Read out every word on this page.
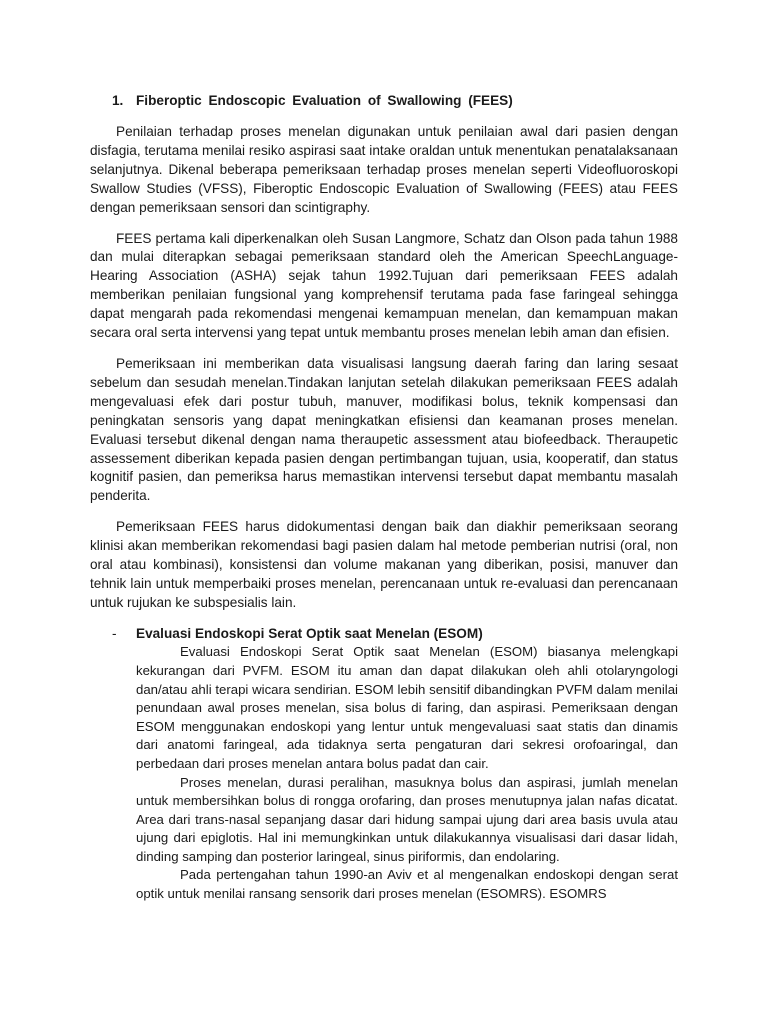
1. Fiberoptic Endoscopic Evaluation of Swallowing (FEES)

Penilaian terhadap proses menelan digunakan untuk penilaian awal dari pasien dengan disfagia, terutama menilai resiko aspirasi saat intake oraldan untuk menentukan penatalaksanaan selanjutnya. Dikenal beberapa pemeriksaan terhadap proses menelan seperti Videofluoroskopi Swallow Studies (VFSS), Fiberoptic Endoscopic Evaluation of Swallowing (FEES) atau FEES dengan pemeriksaan sensori dan scintigraphy.

FEES pertama kali diperkenalkan oleh Susan Langmore, Schatz dan Olson pada tahun 1988 dan mulai diterapkan sebagai pemeriksaan standard oleh the American SpeechLanguage-Hearing Association (ASHA) sejak tahun 1992.Tujuan dari pemeriksaan FEES adalah memberikan penilaian fungsional yang komprehensif terutama pada fase faringeal sehingga dapat mengarah pada rekomendasi mengenai kemampuan menelan, dan kemampuan makan secara oral serta intervensi yang tepat untuk membantu proses menelan lebih aman dan efisien.

Pemeriksaan ini memberikan data visualisasi langsung daerah faring dan laring sesaat sebelum dan sesudah menelan.Tindakan lanjutan setelah dilakukan pemeriksaan FEES adalah mengevaluasi efek dari postur tubuh, manuver, modifikasi bolus, teknik kompensasi dan peningkatan sensoris yang dapat meningkatkan efisiensi dan keamanan proses menelan. Evaluasi tersebut dikenal dengan nama theraupetic assessment atau biofeedback. Theraupetic assessement diberikan kepada pasien dengan pertimbangan tujuan, usia, kooperatif, dan status kognitif pasien, dan pemeriksa harus memastikan intervensi tersebut dapat membantu masalah penderita.

Pemeriksaan FEES harus didokumentasi dengan baik dan diakhir pemeriksaan seorang klinisi akan memberikan rekomendasi bagi pasien dalam hal metode pemberian nutrisi (oral, non oral atau kombinasi), konsistensi dan volume makanan yang diberikan, posisi, manuver dan tehnik lain untuk memperbaiki proses menelan, perencanaan untuk re-evaluasi dan perencanaan untuk rujukan ke subspesialis lain.

- Evaluasi Endoskopi Serat Optik saat Menelan (ESOM)

Evaluasi Endoskopi Serat Optik saat Menelan (ESOM) biasanya melengkapi kekurangan dari PVFM. ESOM itu aman dan dapat dilakukan oleh ahli otolaryngologi dan/atau ahli terapi wicara sendirian. ESOM lebih sensitif dibandingkan PVFM dalam menilai penundaan awal proses menelan, sisa bolus di faring, dan aspirasi. Pemeriksaan dengan ESOM menggunakan endoskopi yang lentur untuk mengevaluasi saat statis dan dinamis dari anatomi faringeal, ada tidaknya serta pengaturan dari sekresi orofoaringal, dan perbedaan dari proses menelan antara bolus padat dan cair.

Proses menelan, durasi peralihan, masuknya bolus dan aspirasi, jumlah menelan untuk membersihkan bolus di rongga orofaring, dan proses menutupnya jalan nafas dicatat. Area dari trans-nasal sepanjang dasar dari hidung sampai ujung dari area basis uvula atau ujung dari epiglotis. Hal ini memungkinkan untuk dilakukannya visualisasi dari dasar lidah, dinding samping dan posterior laringeal, sinus piriformis, dan endolaring.

Pada pertengahan tahun 1990-an Aviv et al mengenalkan endoskopi dengan serat optik untuk menilai ransang sensorik dari proses menelan (ESOMRS). ESOMRS
